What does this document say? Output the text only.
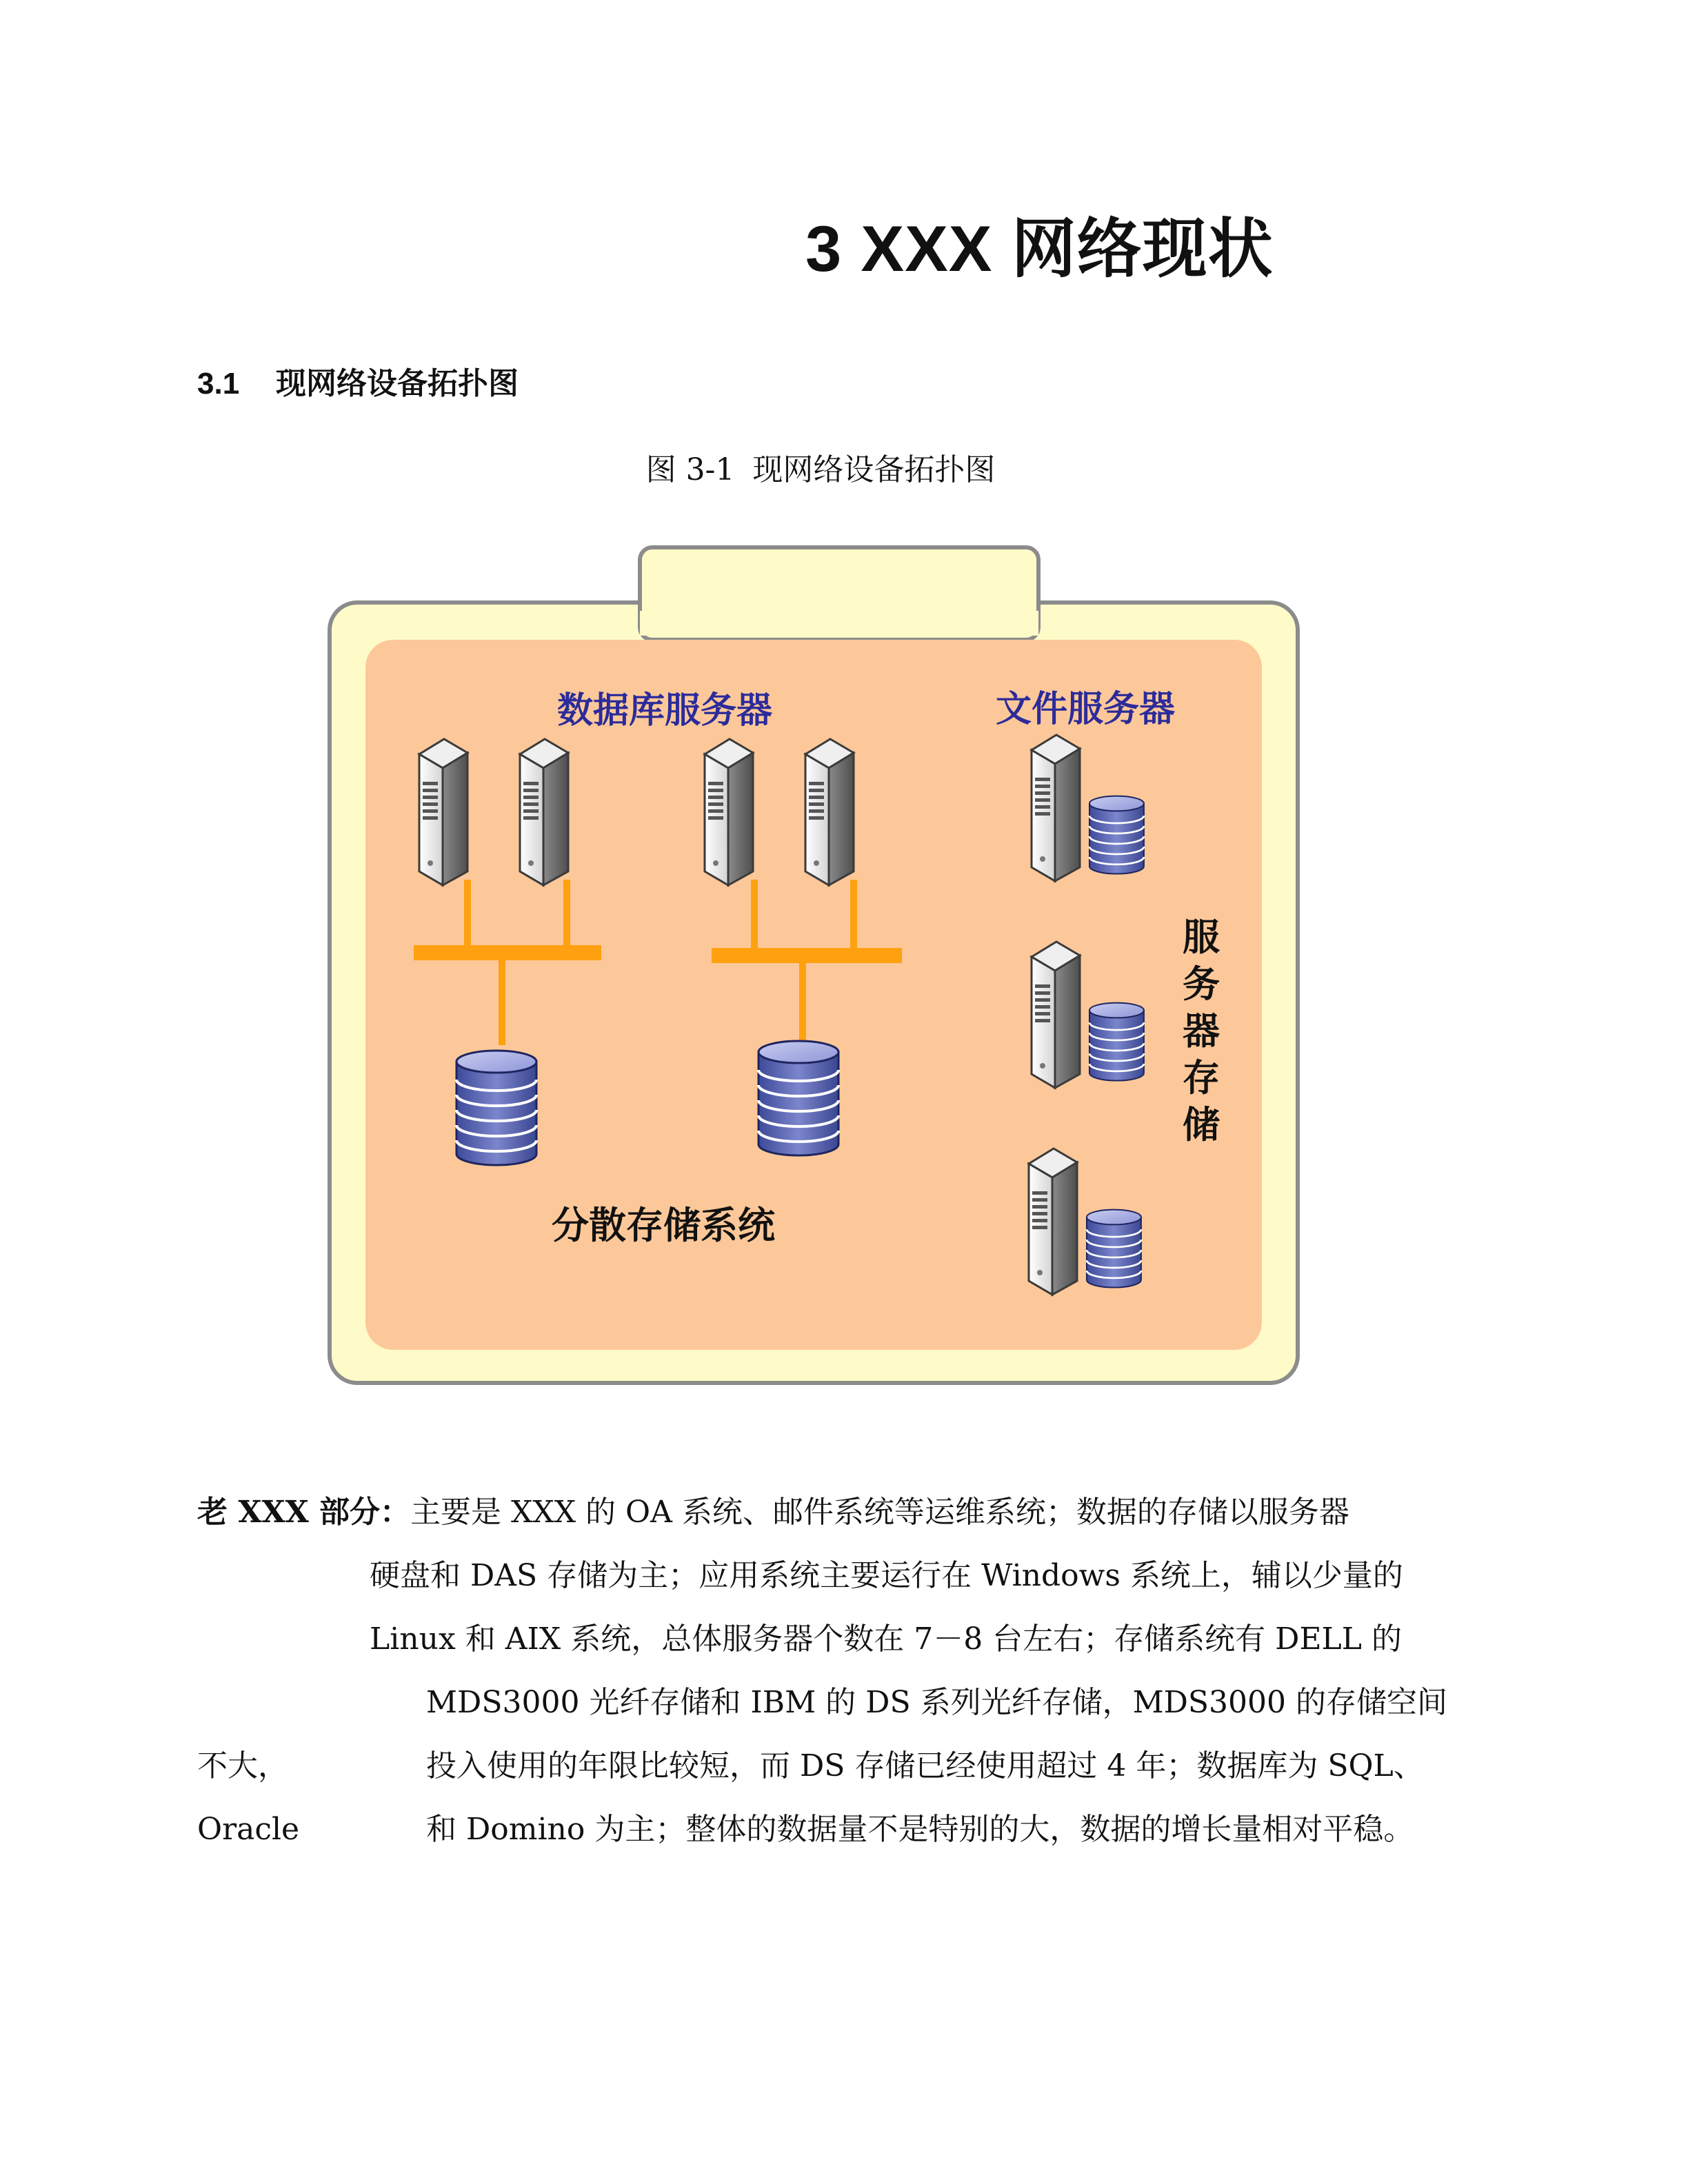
3 XXX 网络现状
3.1 现网络设备拓扑图
图 3-1 现网络设备拓扑图
数据库服务器	文件服务器
分散存储系统
服
务
器
存
储
老 XXX 部分：主要是 XXX 的 OA 系统、邮件系统等运维系统；数据的存储以服务器
硬盘和 DAS 存储为主；应用系统主要运行在 Windows 系统上，辅以少量的
Linux 和 AIX 系统，总体服务器个数在 7－8 台左右；存储系统有 DELL 的
MDS3000 光纤存储和 IBM 的 DS 系列光纤存储，MDS3000 的存储空间
不大，	投入使用的年限比较短，而 DS 存储已经使用超过 4 年；数据库为 SQL、
Oracle	和 Domino 为主；整体的数据量不是特别的大，数据的增长量相对平稳。
